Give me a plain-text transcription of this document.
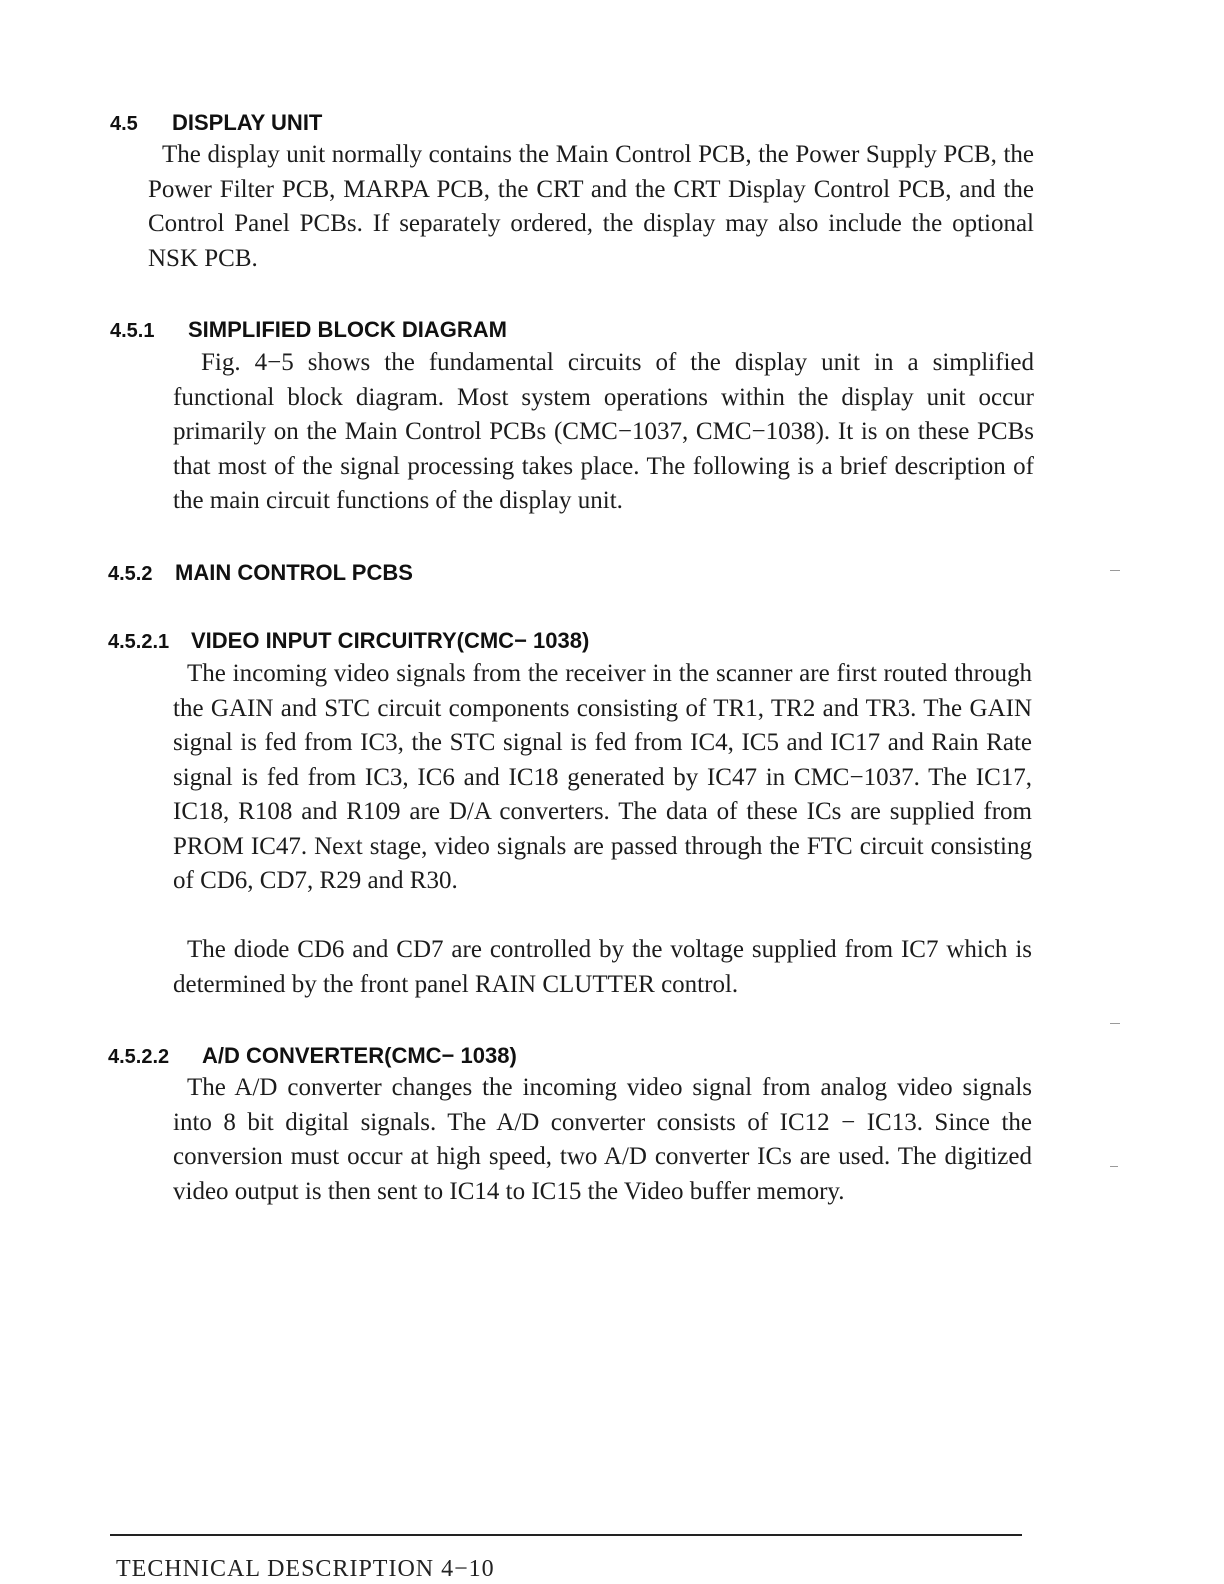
4.5 DISPLAY UNIT

The display unit normally contains the Main Control PCB, the Power Supply PCB, the Power Filter PCB, MARPA PCB, the CRT and the CRT Display Control PCB, and the Control Panel PCBs. If separately ordered, the display may also include the optional NSK PCB.

4.5.1 SIMPLIFIED BLOCK DIAGRAM

Fig. 4−5 shows the fundamental circuits of the display unit in a simplified functional block diagram. Most system operations within the display unit occur primarily on the Main Control PCBs (CMC−1037, CMC−1038). It is on these PCBs that most of the signal processing takes place. The following is a brief description of the main circuit functions of the display unit.

4.5.2 MAIN CONTROL PCBS
4.5.2.1 VIDEO INPUT CIRCUITRY(CMC− 1038)

The incoming video signals from the receiver in the scanner are first routed through the GAIN and STC circuit components consisting of TR1, TR2 and TR3. The GAIN signal is fed from IC3, the STC signal is fed from IC4, IC5 and IC17 and Rain Rate signal is fed from IC3, IC6 and IC18 generated by IC47 in CMC−1037. The IC17, IC18, R108 and R109 are D/A converters. The data of these ICs are supplied from PROM IC47. Next stage, video signals are passed through the FTC circuit consisting of CD6, CD7, R29 and R30.

The diode CD6 and CD7 are controlled by the voltage supplied from IC7 which is determined by the front panel RAIN CLUTTER control.

4.5.2.2 A/D CONVERTER(CMC− 1038)

The A/D converter changes the incoming video signal from analog video signals into 8 bit digital signals. The A/D converter consists of IC12 − IC13. Since the conversion must occur at high speed, two A/D converter ICs are used. The digitized video output is then sent to IC14 to IC15 the Video buffer memory.

TECHNICAL DESCRIPTION 4−10
